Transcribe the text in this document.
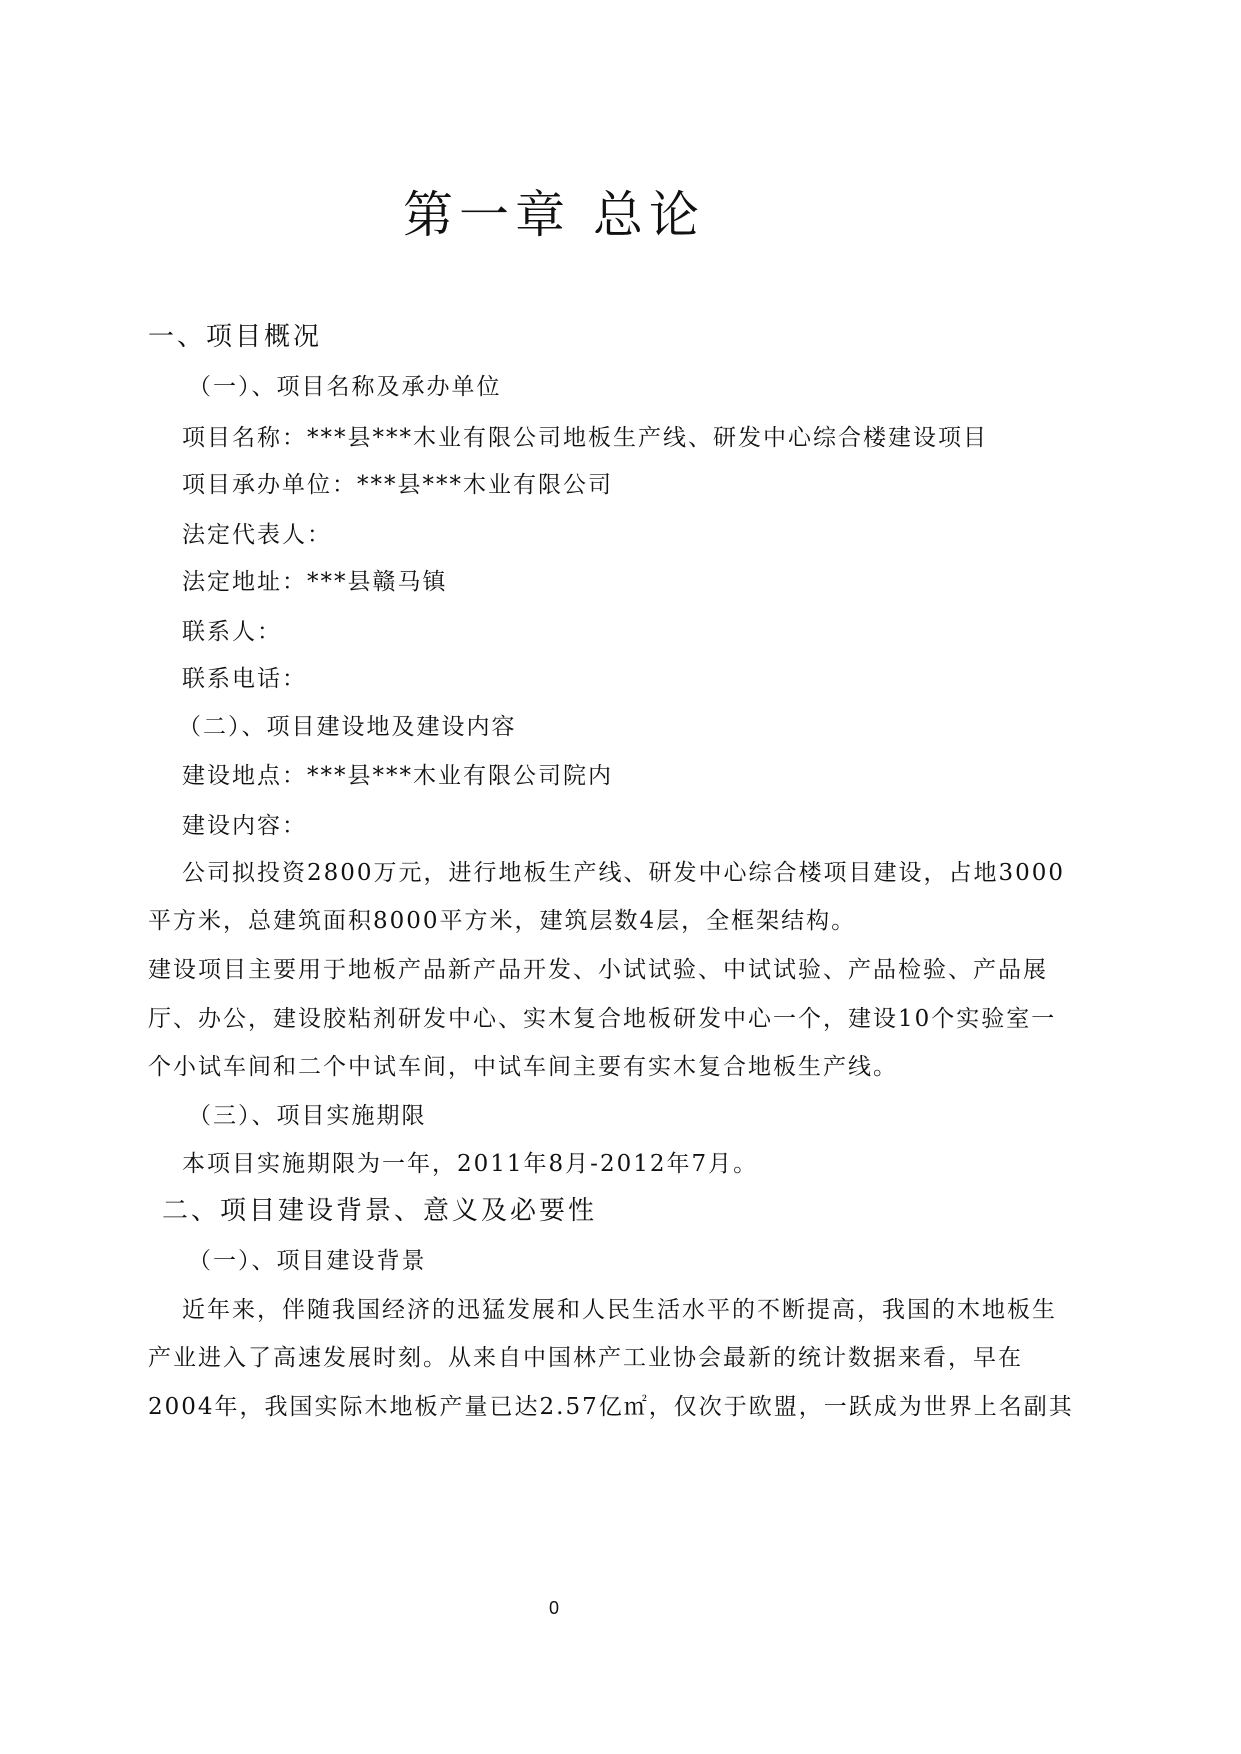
第一章 总论

一、项目概况

（一）、项目名称及承办单位

项目名称：***县***木业有限公司地板生产线、研发中心综合楼建设项目

项目承办单位：***县***木业有限公司

法定代表人：

法定地址：***县赣马镇

联系人：

联系电话：

（二）、项目建设地及建设内容

建设地点：***县***木业有限公司院内

建设内容：

公司拟投资2800万元，进行地板生产线、研发中心综合楼项目建设，占地3000

平方米，总建筑面积8000平方米，建筑层数4层，全框架结构。

建设项目主要用于地板产品新产品开发、小试试验、中试试验、产品检验、产品展

厅、办公，建设胶粘剂研发中心、实木复合地板研发中心一个，建设10个实验室一

个小试车间和二个中试车间，中试车间主要有实木复合地板生产线。

（三）、项目实施期限

本项目实施期限为一年，2011年8月-2012年7月。

二、项目建设背景、意义及必要性

（一）、项目建设背景

近年来，伴随我国经济的迅猛发展和人民生活水平的不断提高，我国的木地板生

产业进入了高速发展时刻。从来自中国林产工业协会最新的统计数据来看，早在

2004年，我国实际木地板产量已达2.57亿㎡，仅次于欧盟，一跃成为世界上名副其

0
